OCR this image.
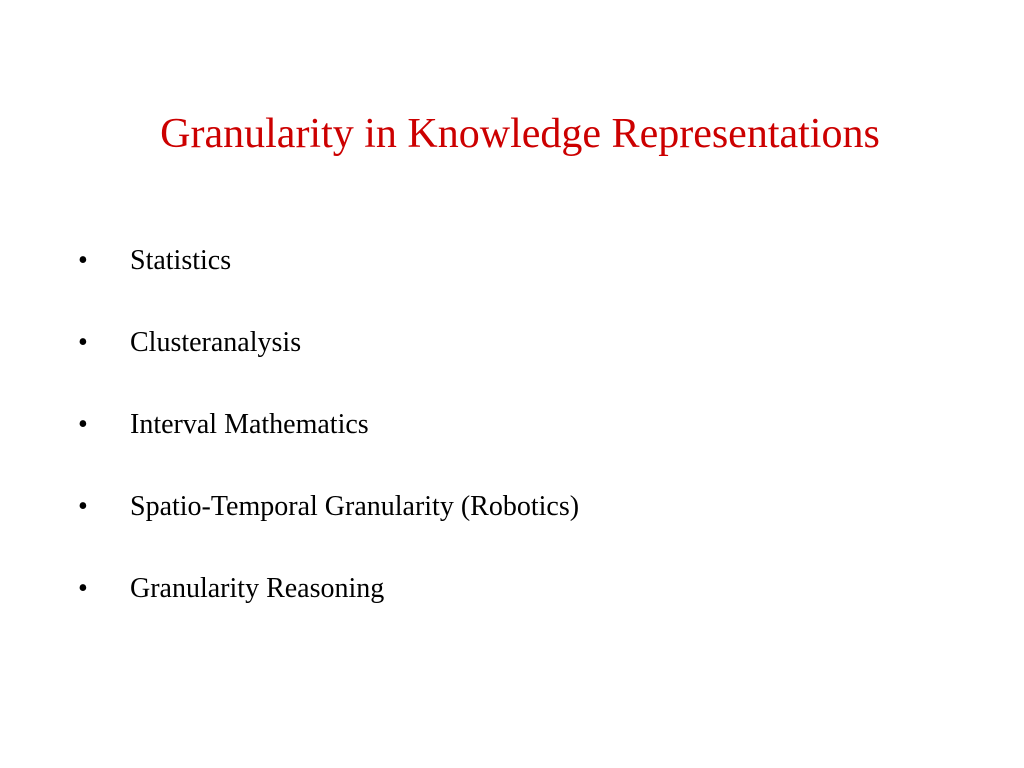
Granularity in Knowledge Representations
•	Statistics
•	Clusteranalysis
•	Interval Mathematics
•	Spatio-Temporal Granularity (Robotics)
•	Granularity Reasoning
